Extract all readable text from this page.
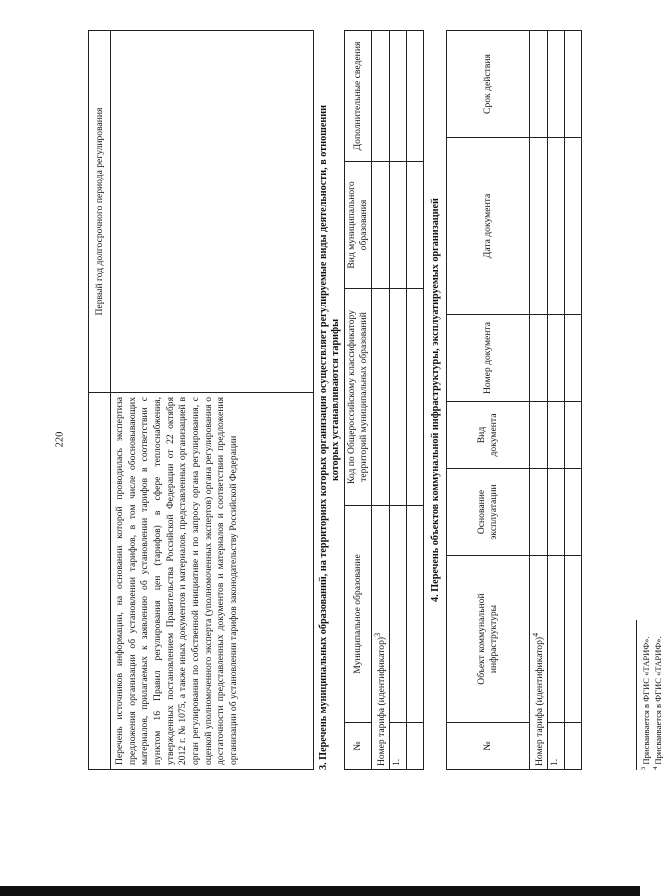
220
	Первый год долгосрочного периода регулирования
Перечень источников информации, на основании которой проводилась экспертиза предложения организации об установлении тарифов, в том числе обосновывающих материалов, прилагаемых к заявлению об установлении тарифов в соответствии с пунктом 16 Правил регулирования цен (тарифов) в сфере теплоснабжения, утвержденных постановлением Правительства Российской Федерации от 22 октября 2012 г. № 1075, а также иных документов и материалов, представленных организацией в орган регулирования по собственной инициативе и по запросу органа регулирования, с оценкой уполномоченного эксперта (уполномоченных экспертов) органа регулирования о достаточности представленных документов и материалов и соответствии предложения организации об установлении тарифов законодательству Российской Федерации		3. Перечень муниципальных образований, на территориях которых организация осуществляет регулируемые виды деятельности, в отношении которых устанавливаются тарифы
№	Муниципальное образование	Код по Общероссийскому классификатору территорий муниципальных образований	Вид муниципального образования	Дополнительные сведения
Номер тарифа (идентификатор)$^3$			
1.				

4. Перечень объектов коммунальной инфраструктуры, эксплуатируемых организацией
№	Объект коммунальной инфраструктуры	Основание эксплуатации	Вид документа	Номер документа	Дата документа	Срок действия
Номер тарифа (идентификатор)$^4$					
1.						

$^3$ Присваивается в ФГИС «ТАРИФ».
$^4$ Присваивается в ФГИС «ТАРИФ».
